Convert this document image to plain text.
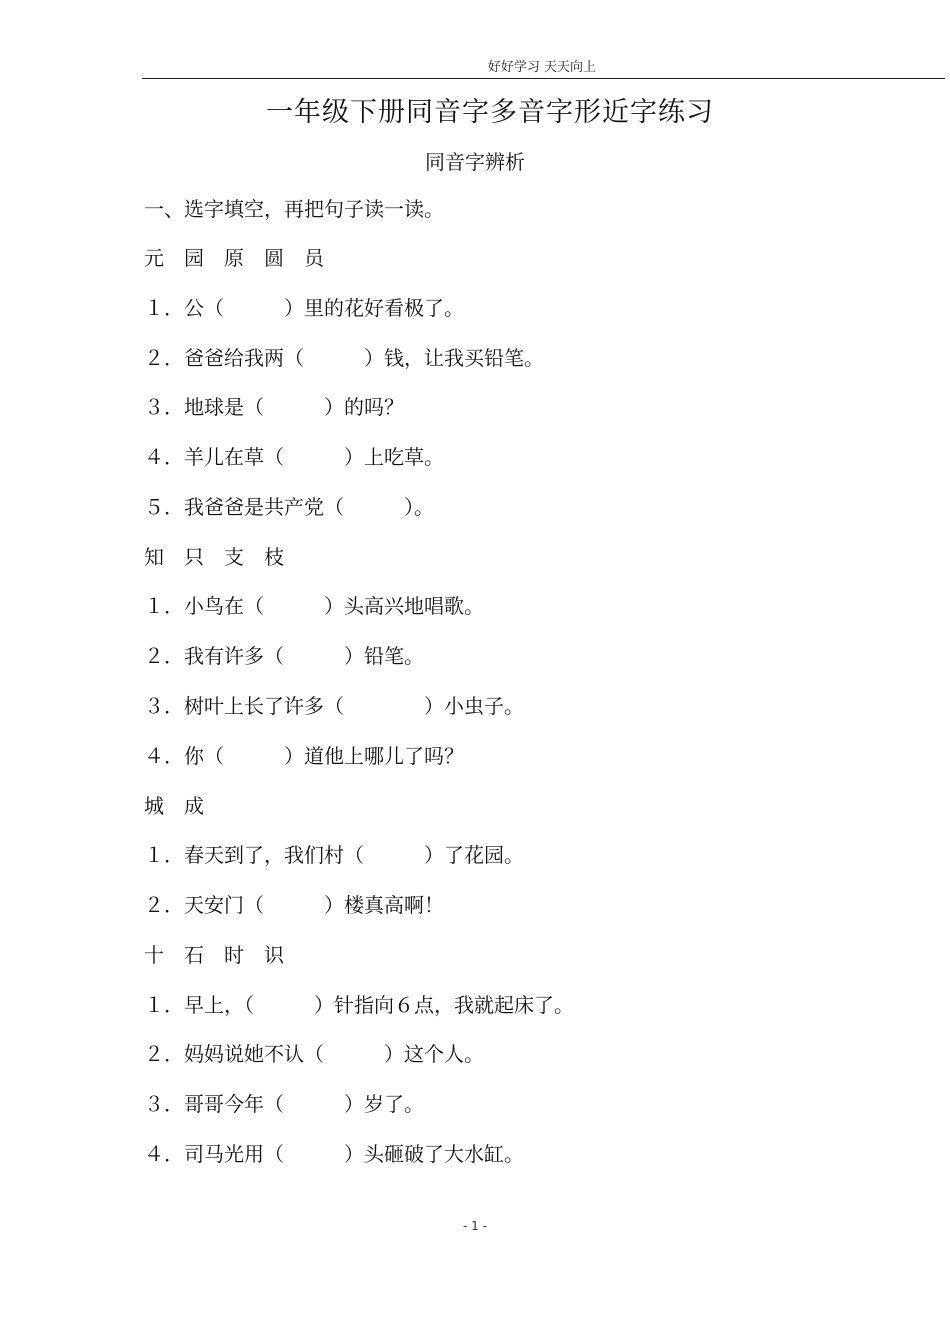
好好学习 天天向上
一年级下册同音字多音字形近字练习
同音字辨析
一、选字填空，再把句子读一读。
元　园　原　圆　员
１．公（　　　）里的花好看极了。
２．爸爸给我两（　　　）钱，让我买铅笔。
３．地球是（　　　）的吗？
４．羊儿在草（　　　）上吃草。
５．我爸爸是共产党（　　　）。
知　只　支　枝
１．小鸟在（　　　）头高兴地唱歌。
２．我有许多（　　　）铅笔。
３．树叶上长了许多（　　　　）小虫子。
４．你（　　　）道他上哪儿了吗？
城　成
１．春天到了，我们村（　　　）了花园。
２．天安门（　　　）楼真高啊！
十　石　时　识
１．早上，（　　　）针指向６点，我就起床了。
２．妈妈说她不认（　　　）这个人。
３．哥哥今年（　　　）岁了。
４．司马光用（　　　）头砸破了大水缸。
- 1 -
